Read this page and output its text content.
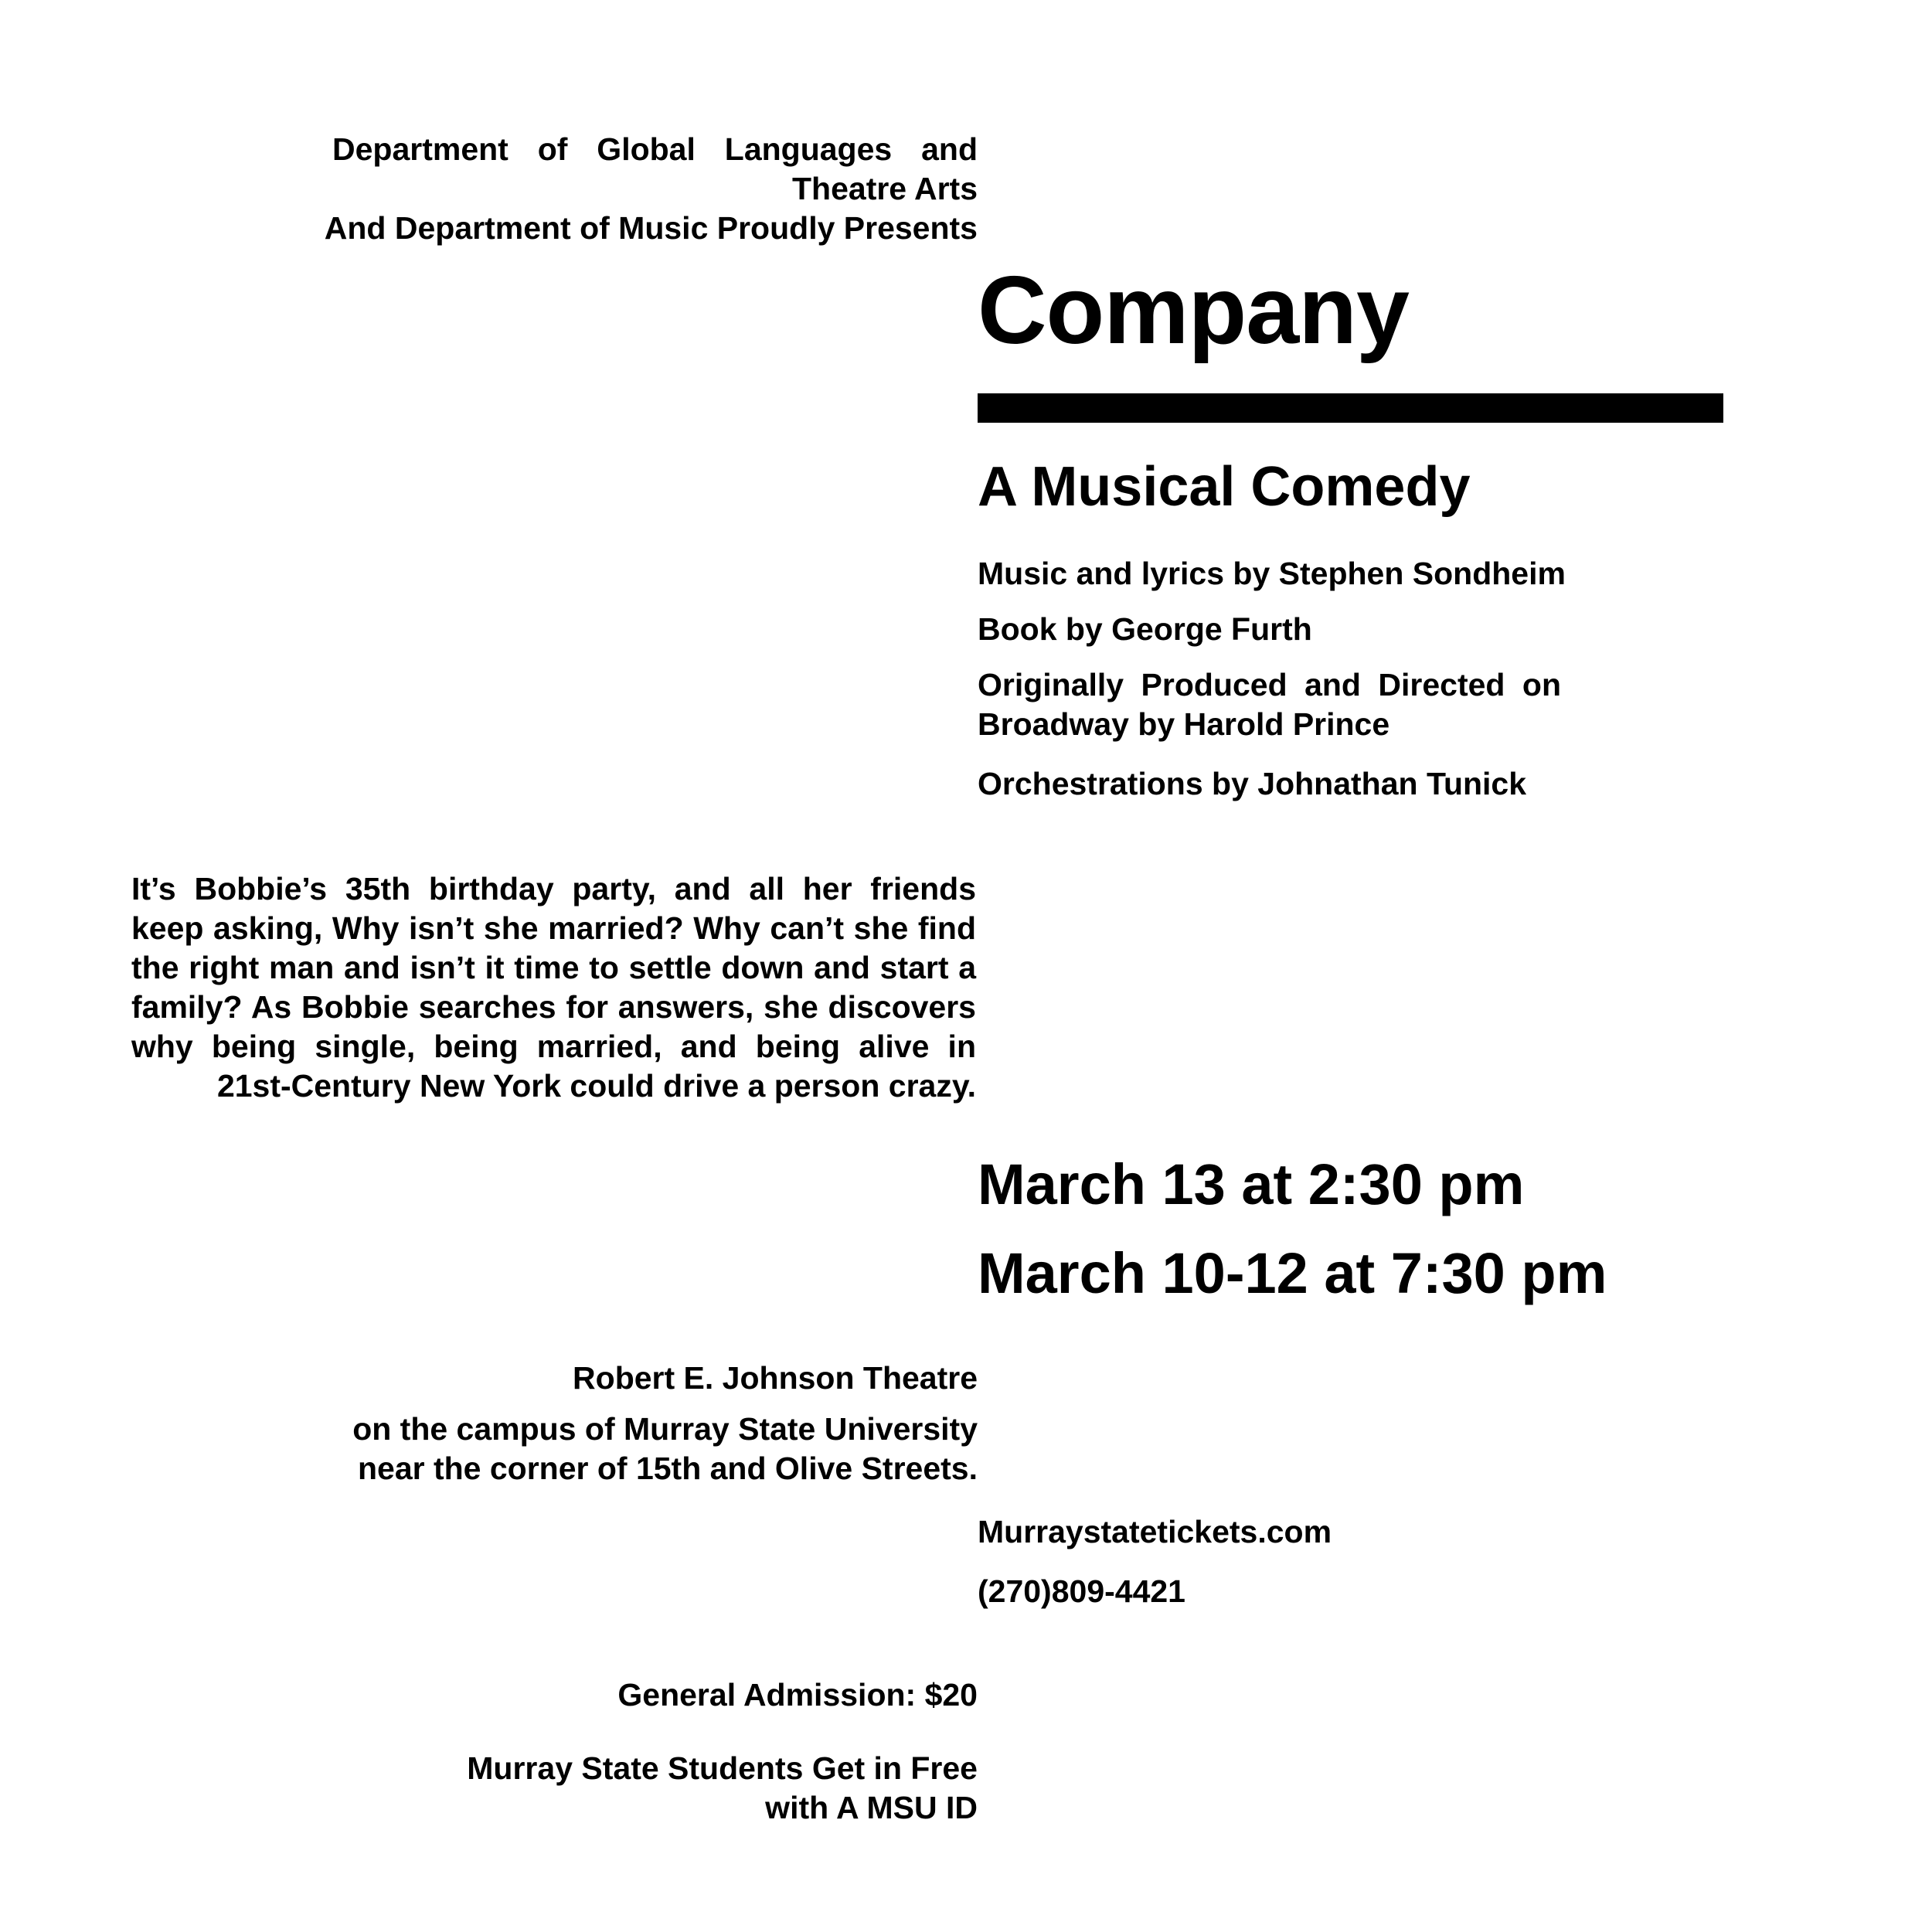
Department of Global Languages and
Theatre Arts
And Department of Music Proudly Presents
Company
A Musical Comedy

Music and lyrics by Stephen Sondheim

Book by George Furth

Originally Produced and Directed on Broadway by Harold Prince

Orchestrations by Johnathan Tunick

It’s Bobbie’s 35th birthday party, and all her friends keep asking, Why isn’t she married? Why can’t she find the right man and isn’t it time to settle down and start a family? As Bobbie searches for answers, she discovers why being single, being married, and being alive in 21st-Century New York could drive a person crazy.

March 13 at 2:30 pm

March 10-12 at 7:30 pm

Robert E. Johnson Theatre

on the campus of Murray State University
near the corner of 15th and Olive Streets.

Murraystatetickets.com

(270)809-4421

General Admission: $20

Murray State Students Get in Free
with A MSU ID
